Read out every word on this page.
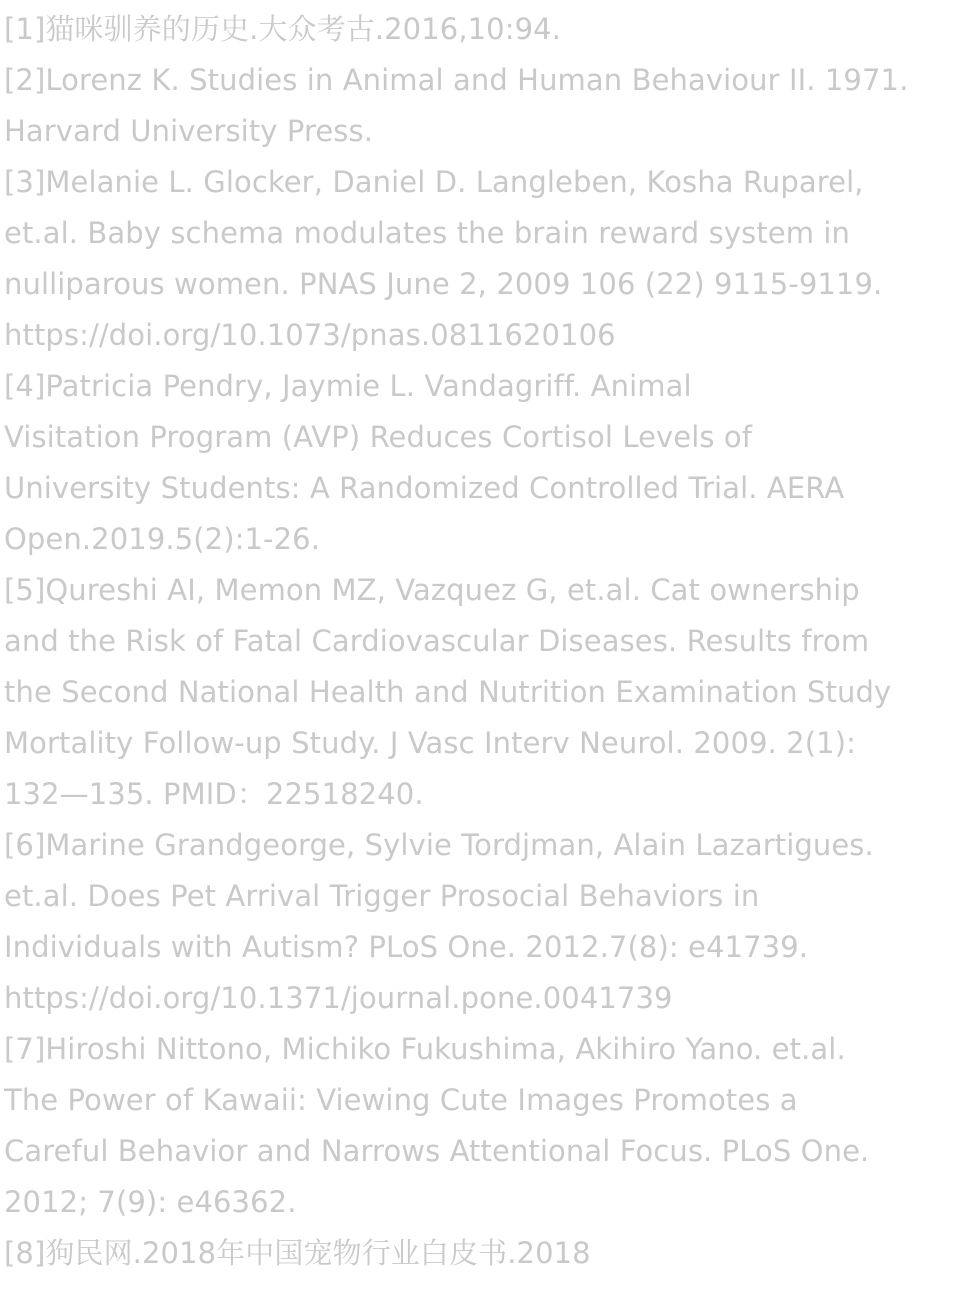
[1]猫咪驯养的历史.大众考古.2016,10:94.
[2]Lorenz K. Studies in Animal and Human Behaviour II. 1971.
Harvard University Press.
[3]Melanie L. Glocker, Daniel D. Langleben, Kosha Ruparel,
et.al. Baby schema modulates the brain reward system in
nulliparous women. PNAS June 2, 2009 106 (22) 9115-9119.
https://doi.org/10.1073/pnas.0811620106
[4]Patricia Pendry, Jaymie L. Vandagriff. Animal
Visitation Program (AVP) Reduces Cortisol Levels of
University Students: A Randomized Controlled Trial. AERA
Open.2019.5(2):1-26.
[5]Qureshi AI, Memon MZ, Vazquez G, et.al. Cat ownership
and the Risk of Fatal Cardiovascular Diseases. Results from
the Second National Health and Nutrition Examination Study
Mortality Follow-up Study. J Vasc Interv Neurol. 2009. 2(1):
132—135. PMID：22518240.
[6]Marine Grandgeorge, Sylvie Tordjman, Alain Lazartigues.
et.al. Does Pet Arrival Trigger Prosocial Behaviors in
Individuals with Autism? PLoS One. 2012.7(8): e41739.
https://doi.org/10.1371/journal.pone.0041739
[7]Hiroshi Nittono, Michiko Fukushima, Akihiro Yano. et.al.
The Power of Kawaii: Viewing Cute Images Promotes a
Careful Behavior and Narrows Attentional Focus. PLoS One.
2012; 7(9): e46362.
[8]狗民网.2018年中国宠物行业白皮书.2018
